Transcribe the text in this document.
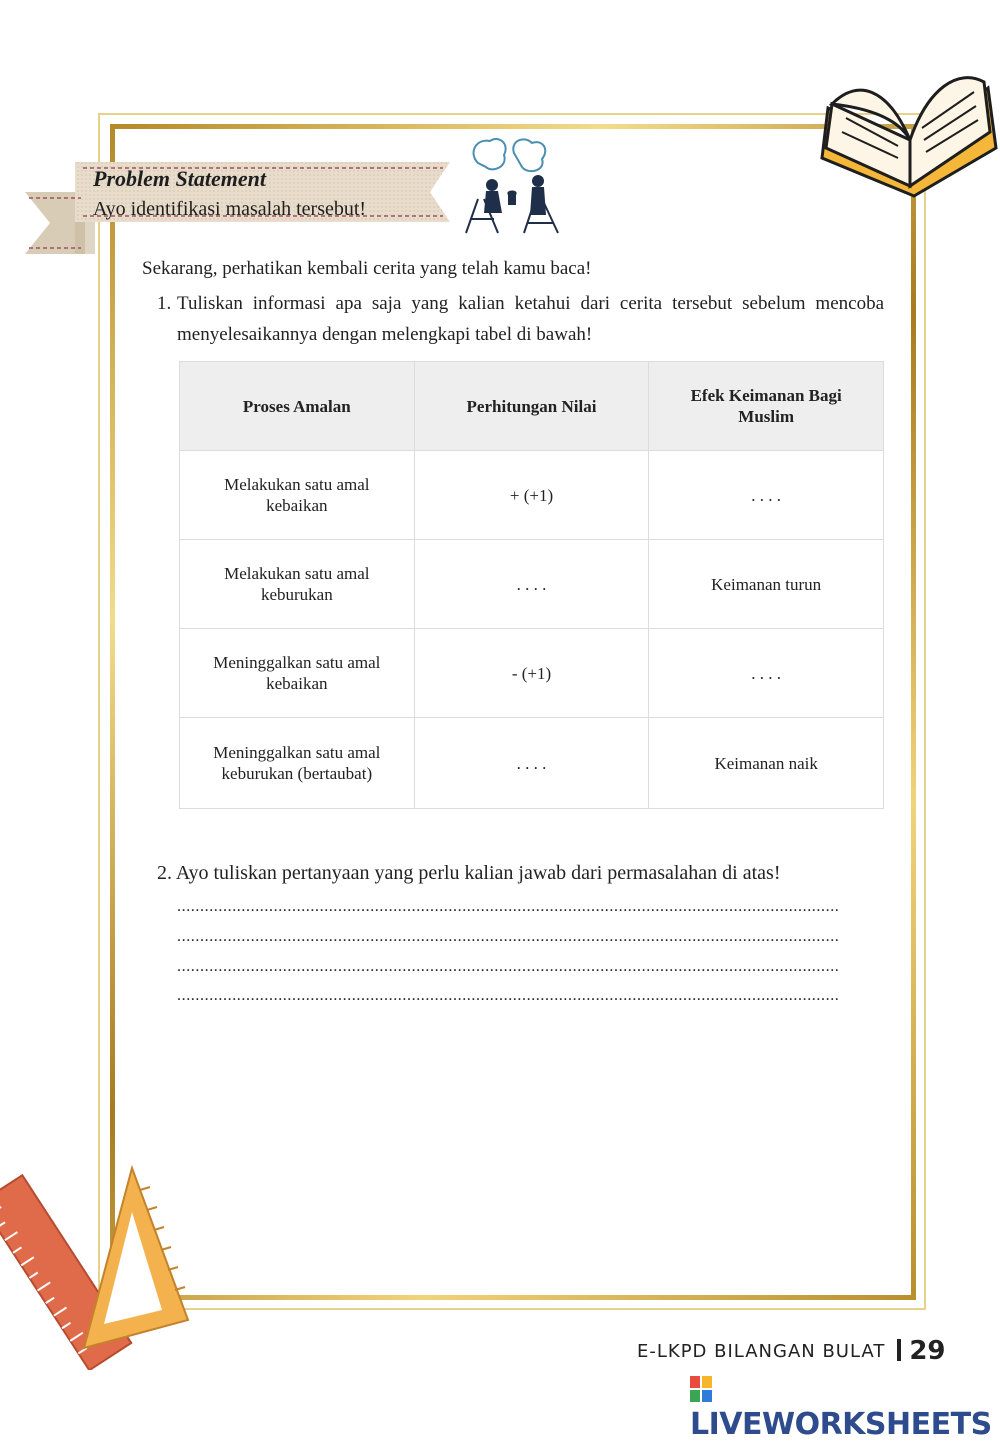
Problem Statement
Ayo identifikasi masalah tersebut!
Sekarang, perhatikan kembali cerita yang telah kamu baca!
1. Tuliskan informasi apa saja yang kalian ketahui dari cerita tersebut sebelum mencoba menyelesaikannya dengan melengkapi tabel di bawah!
Proses Amalan	Perhitungan Nilai	Efek Keimanan Bagi Muslim
Melakukan satu amal kebaikan	+ (+1)	. . . .
Melakukan satu amal keburukan	. . . .	Keimanan turun
Meninggalkan satu amal kebaikan	- (+1)	. . . .
Meninggalkan satu amal keburukan (bertaubat)	. . . .	Keimanan naik
2. Ayo tuliskan pertanyaan yang perlu kalian jawab dari permasalahan di atas!
................................................................................................................................................
................................................................................................................................................
................................................................................................................................................
................................................................................................................................................
E-LKPD BILANGAN BULAT 29
LIVEWORKSHEETS
